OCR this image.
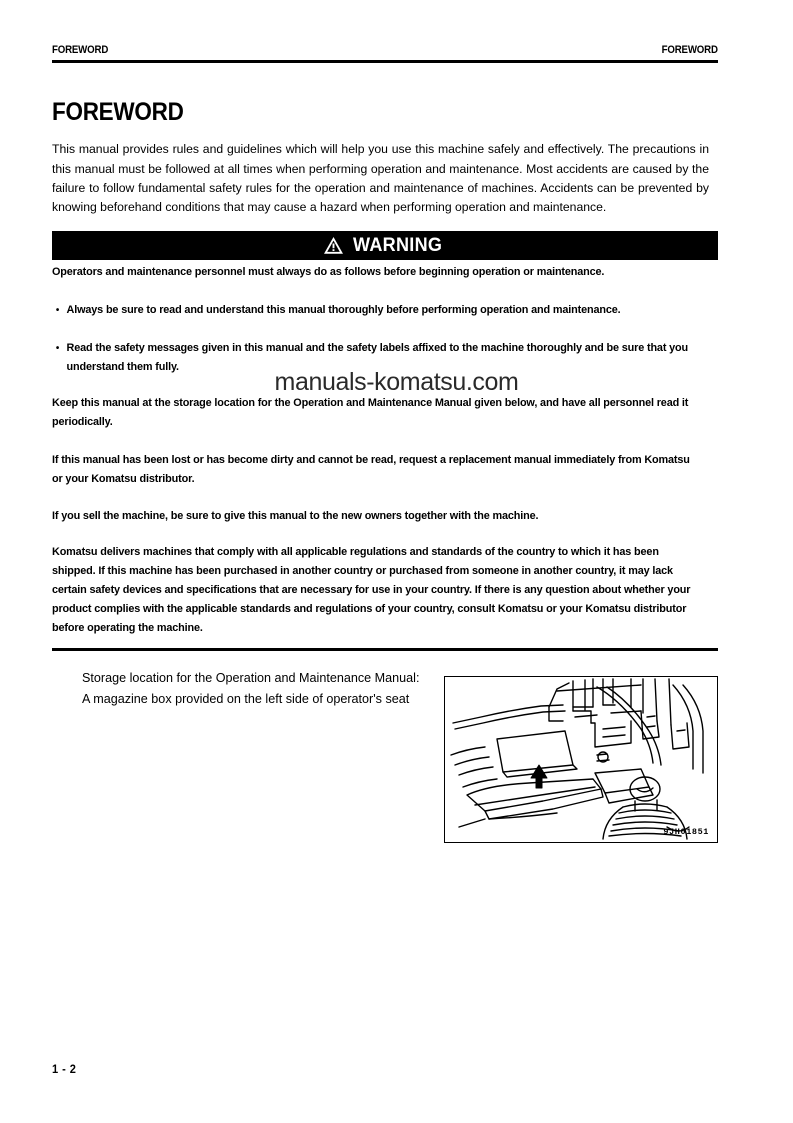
FOREWORD	FOREWORD
FOREWORD

This manual provides rules and guidelines which will help you use this machine safely and effectively. The precautions in this manual must be followed at all times when performing operation and maintenance. Most accidents are caused by the failure to follow fundamental safety rules for the operation and maintenance of machines. Accidents can be prevented by knowing beforehand conditions that may cause a hazard when performing operation and maintenance.

WARNING
Operators and maintenance personnel must always do as follows before beginning operation or maintenance.
• Always be sure to read and understand this manual thoroughly before performing operation and maintenance.
• Read the safety messages given in this manual and the safety labels affixed to the machine thoroughly and be sure that you understand them fully.
manuals-komatsu.com
Keep this manual at the storage location for the Operation and Maintenance Manual given below, and have all personnel read it periodically.
If this manual has been lost or has become dirty and cannot be read, request a replacement manual immediately from Komatsu or your Komatsu distributor.
If you sell the machine, be sure to give this manual to the new owners together with the machine.
Komatsu delivers machines that comply with all applicable regulations and standards of the country to which it has been shipped. If this machine has been purchased in another country or purchased from someone in another country, it may lack certain safety devices and specifications that are necessary for use in your country. If there is any question about whether your product complies with the applicable standards and regulations of your country, consult Komatsu or your Komatsu distributor before operating the machine.
Storage location for the Operation and Maintenance Manual:
A magazine box provided on the left side of operator's seat
9JH01851
1 - 2
